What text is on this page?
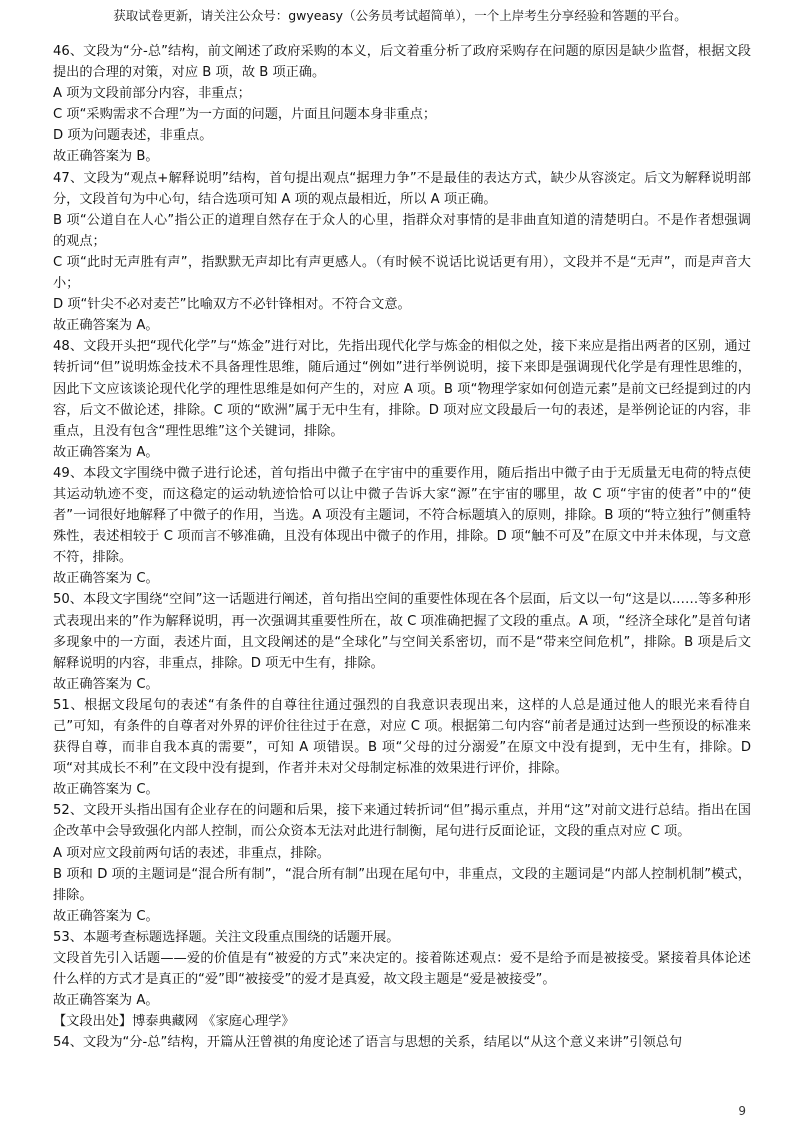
获取试卷更新，请关注公众号：gwyeasy（公务员考试超简单），一个上岸考生分享经验和答题的平台。

46、文段为“分-总”结构，前文阐述了政府采购的本义，后文着重分析了政府采购存在问题的原因是缺少监督，根据文段提出的合理的对策，对应 B 项，故 B 项正确。

A 项为文段前部分内容，非重点；

C 项“采购需求不合理”为一方面的问题，片面且问题本身非重点；

D 项为问题表述，非重点。

故正确答案为 B。

47、文段为“观点+解释说明”结构，首句提出观点“据理力争”不是最佳的表达方式，缺少从容淡定。后文为解释说明部分，文段首句为中心句，结合选项可知 A 项的观点最相近，所以 A 项正确。

B 项“公道自在人心”指公正的道理自然存在于众人的心里，指群众对事情的是非曲直知道的清楚明白。不是作者想强调的观点；

C 项“此时无声胜有声”，指默默无声却比有声更感人。（有时候不说话比说话更有用），文段并不是“无声”，而是声音大小；

D 项“针尖不必对麦芒”比喻双方不必针锋相对。不符合文意。

故正确答案为 A。

48、文段开头把“现代化学”与“炼金”进行对比，先指出现代化学与炼金的相似之处，接下来应是指出两者的区别，通过转折词“但”说明炼金技术不具备理性思维，随后通过“例如”进行举例说明，接下来即是强调现代化学是有理性思维的，因此下文应该谈论现代化学的理性思维是如何产生的，对应 A 项。B 项“物理学家如何创造元素”是前文已经提到过的内容，后文不做论述，排除。C 项的“欧洲”属于无中生有，排除。D 项对应文段最后一句的表述，是举例论证的内容，非重点，且没有包含“理性思维”这个关键词，排除。

故正确答案为 A。

49、本段文字围绕中微子进行论述，首句指出中微子在宇宙中的重要作用，随后指出中微子由于无质量无电荷的特点使其运动轨迹不变，而这稳定的运动轨迹恰恰可以让中微子告诉大家“源”在宇宙的哪里，故 C 项“宇宙的使者”中的“使者”一词很好地解释了中微子的作用，当选。A 项没有主题词，不符合标题填入的原则，排除。B 项的“特立独行”侧重特殊性，表述相较于 C 项而言不够准确，且没有体现出中微子的作用，排除。D 项“触不可及”在原文中并未体现，与文意不符，排除。

故正确答案为 C。

50、本段文字围绕“空间”这一话题进行阐述，首句指出空间的重要性体现在各个层面，后文以一句“这是以……等多种形式表现出来的”作为解释说明，再一次强调其重要性所在，故 C 项准确把握了文段的重点。A 项，“经济全球化”是首句诸多现象中的一方面，表述片面，且文段阐述的是“全球化”与空间关系密切，而不是“带来空间危机”，排除。B 项是后文解释说明的内容，非重点，排除。D 项无中生有，排除。

故正确答案为 C。

51、根据文段尾句的表述“有条件的自尊往往通过强烈的自我意识表现出来，这样的人总是通过他人的眼光来看待自己”可知，有条件的自尊者对外界的评价往往过于在意，对应 C 项。根据第二句内容“前者是通过达到一些预设的标准来获得自尊，而非自我本真的需要”，可知 A 项错误。B 项“父母的过分溺爱”在原文中没有提到，无中生有，排除。D 项“对其成长不利”在文段中没有提到，作者并未对父母制定标准的效果进行评价，排除。

故正确答案为 C。

52、文段开头指出国有企业存在的问题和后果，接下来通过转折词“但”揭示重点，并用“这”对前文进行总结。指出在国企改革中会导致强化内部人控制，而公众资本无法对此进行制衡，尾句进行反面论证，文段的重点对应 C 项。

A 项对应文段前两句话的表述，非重点，排除。

B 项和 D 项的主题词是“混合所有制”，“混合所有制”出现在尾句中，非重点，文段的主题词是“内部人控制机制”模式，排除。

故正确答案为 C。

53、本题考查标题选择题。关注文段重点围绕的话题开展。

文段首先引入话题——爱的价值是有“被爱的方式”来决定的。接着陈述观点：爱不是给予而是被接受。紧接着具体论述什么样的方式才是真正的“爱”即“被接受”的爱才是真爱，故文段主题是“爱是被接受”。

故正确答案为 A。

【文段出处】博泰典藏网 《家庭心理学》

54、文段为“分-总”结构，开篇从汪曾祺的角度论述了语言与思想的关系，结尾以“从这个意义来讲”引领总句

9
